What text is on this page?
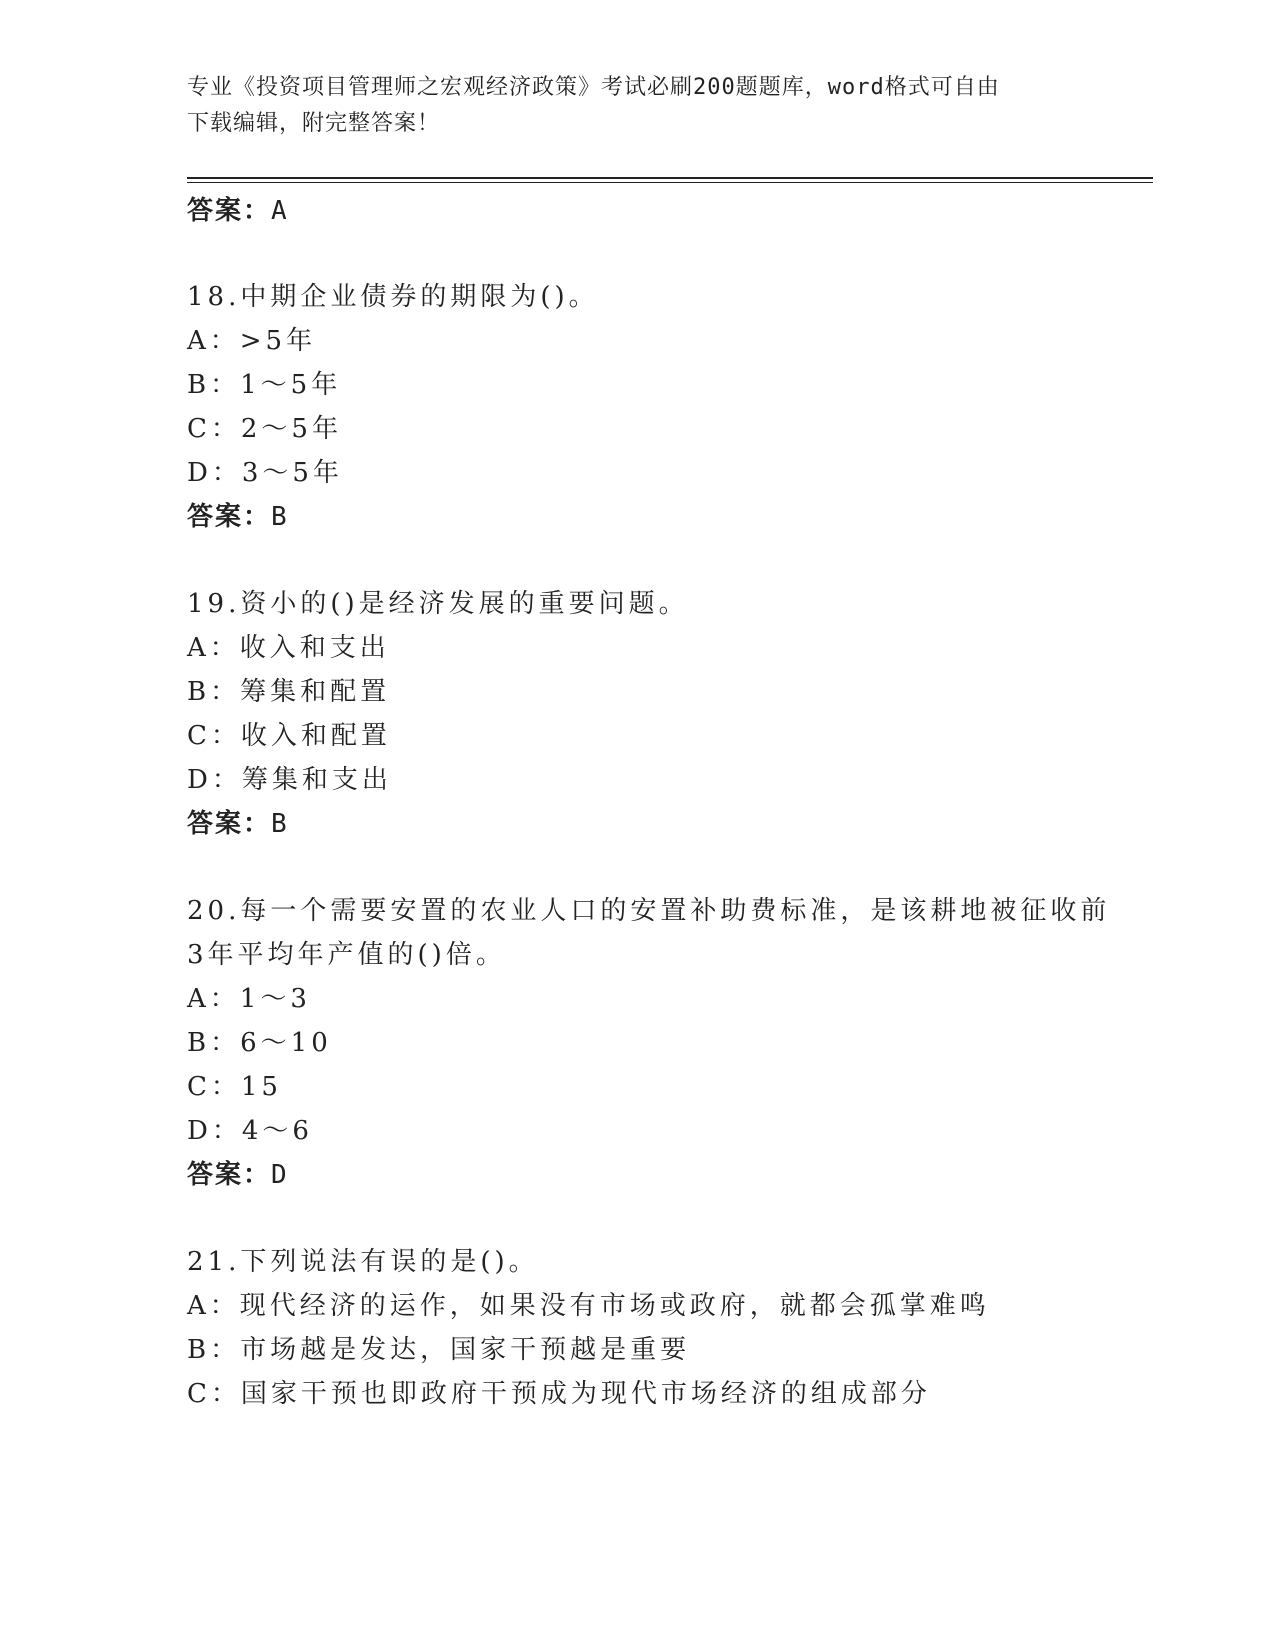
专业《投资项目管理师之宏观经济政策》考试必刷200题题库，word格式可自由
下载编辑，附完整答案！
答案：A
18.中期企业债券的期限为()。
A：>5年
B：1～5年
C：2～5年
D：3～5年
答案：B
19.资小的()是经济发展的重要问题。
A：收入和支出
B：筹集和配置
C：收入和配置
D：筹集和支出
答案：B
20.每一个需要安置的农业人口的安置补助费标准，是该耕地被征收前
3年平均年产值的()倍。
A：1～3
B：6～10
C：15
D：4～6
答案：D
21.下列说法有误的是()。
A：现代经济的运作，如果没有市场或政府，就都会孤掌难鸣
B：市场越是发达，国家干预越是重要
C：国家干预也即政府干预成为现代市场经济的组成部分
